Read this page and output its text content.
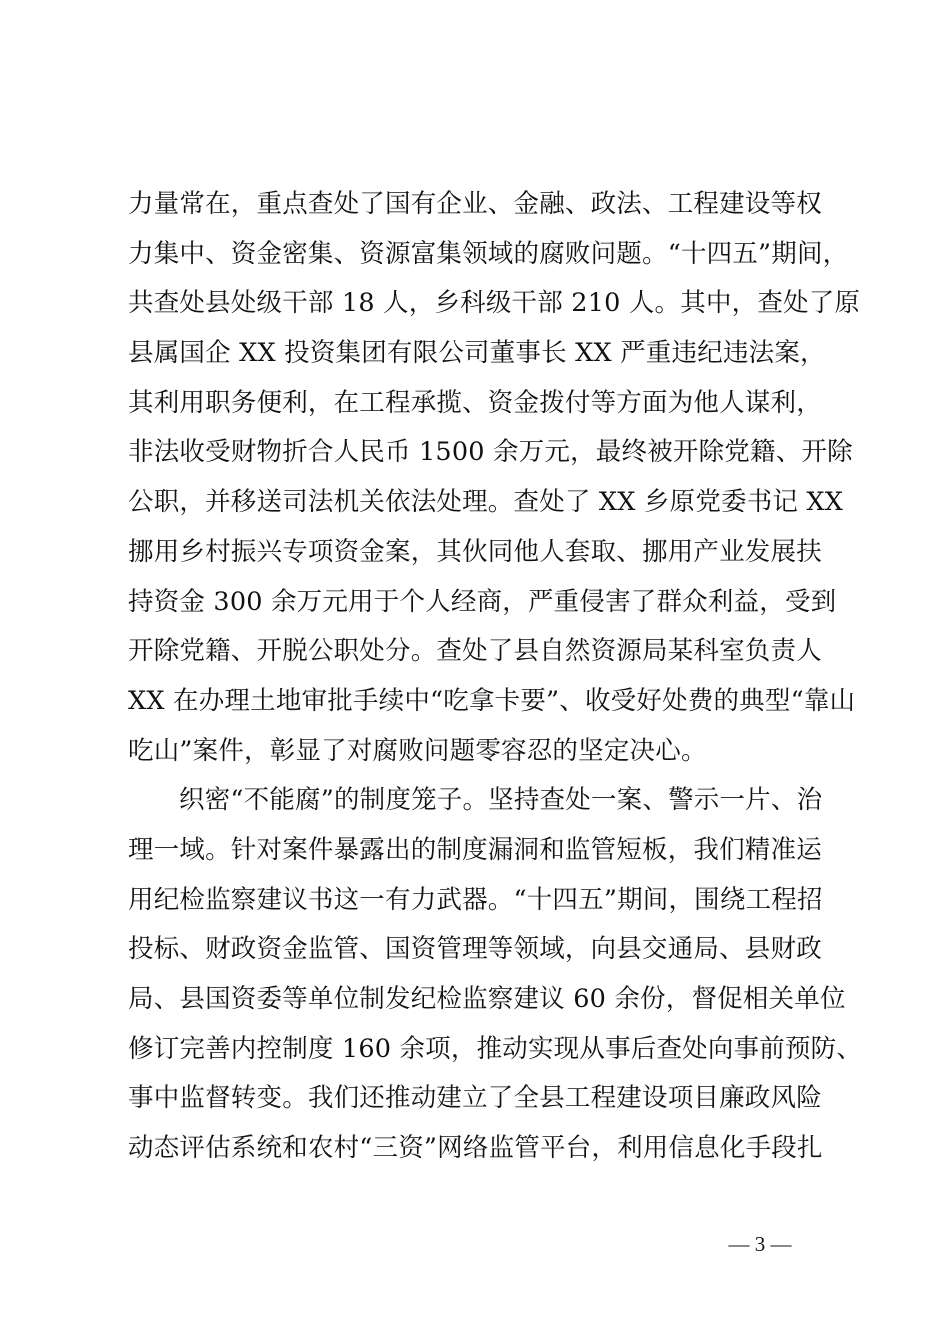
力量常在，重点查处了国有企业、金融、政法、工程建设等权
力集中、资金密集、资源富集领域的腐败问题。“十四五”期间，
共查处县处级干部 18 人，乡科级干部 210 人。其中，查处了原
县属国企 XX 投资集团有限公司董事长 XX 严重违纪违法案，
其利用职务便利，在工程承揽、资金拨付等方面为他人谋利，
非法收受财物折合人民币 1500 余万元，最终被开除党籍、开除
公职，并移送司法机关依法处理。查处了 XX 乡原党委书记 XX
挪用乡村振兴专项资金案，其伙同他人套取、挪用产业发展扶
持资金 300 余万元用于个人经商，严重侵害了群众利益，受到
开除党籍、开脱公职处分。查处了县自然资源局某科室负责人
XX 在办理土地审批手续中“吃拿卡要”、收受好处费的典型“靠山
吃山”案件，彰显了对腐败问题零容忍的坚定决心。
织密“不能腐”的制度笼子。坚持查处一案、警示一片、治
理一域。针对案件暴露出的制度漏洞和监管短板，我们精准运
用纪检监察建议书这一有力武器。“十四五”期间，围绕工程招
投标、财政资金监管、国资管理等领域，向县交通局、县财政
局、县国资委等单位制发纪检监察建议 60 余份，督促相关单位
修订完善内控制度 160 余项，推动实现从事后查处向事前预防、
事中监督转变。我们还推动建立了全县工程建设项目廉政风险
动态评估系统和农村“三资”网络监管平台，利用信息化手段扎
— 3 —
